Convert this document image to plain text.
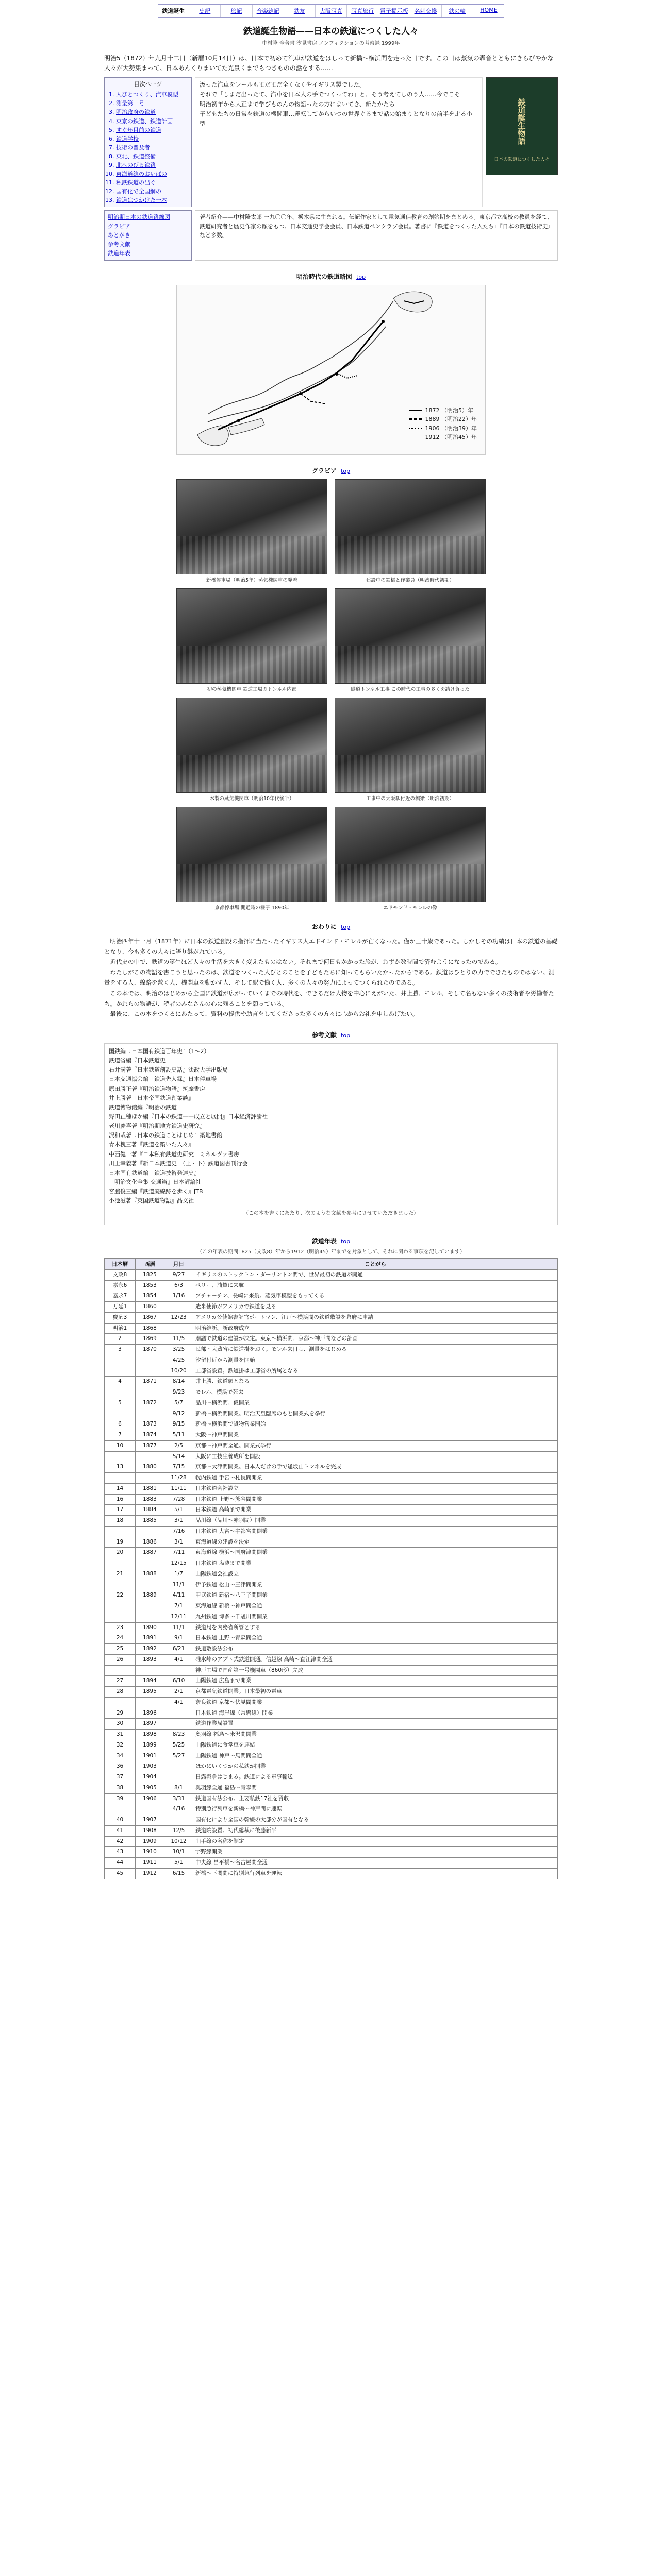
鉄道誕生	史記	旅記	音楽雑記	鉄友	大阪写真	写真旅行	電子掲示板	名刺交換	鉄の輪	HOME
鉄道誕生物語——日本の鉄道につくした人々
中村隆 全著書 汐見書房 ノンフィクションの考察録 1999年
明治5（1872）年九月十二日（新暦10月14日）は、日本で初めて汽車が鉄道をはしって新橋〜横浜間を走った日です。この日は蒸気の轟音とともにきらびやかな人々が大勢集まって、日本あんくりまいてた光景くまでもつきものの話をする……
目次ページ
1. 人びとつくり、汽車模型
2. 測量第一号
3. 明治政府の鉄道
4. 東京の鉄道、鉄道計画
5. すぐ年目前の鉄道
6. 鉄道学校
7. 技術の普及者
8. 東北、鉄道整備
9. 北へのびる鉄路
10. 東海道線のおいばの
11. 私鉄鉄道の出ぐ
12. 国有化で全国網の
13. 鉄道はつかけた一本
汲った汽車をレールもまだまだ全くなくやイギリス製でした。
それで「しまだ出ったて、汽車を日本人の手でつくってわ」と、そう考えてしのう人……今でこそ
明治初年から大正まで学びものんの物語ったの方にまいてき、新たかたち
子どもたちの日常を鉄道の機関車…運転してからいつの世界ぐるまで話の始まりとなりの前半を走る小型	鉄道誕生物語
日本の鉄道につくした人々
明治期日本の鉄道路線図
グラビア
あとがき
参考文献
鉄道年表
著者紹介——中村隆太郎 一九〇〇年、栃木県に生まれる。伝記作家として電気通信教育の創始期をまとめる。東京都立高校の教員を経て、鉄道研究者と歴史作家の顔をもつ。日本交通史学会会員、日本鉄道ペンクラブ会員。著書に『鉄道をつくった人たち』『日本の鉄道技術史』など多数。
明治時代の鉄道略図 top
1872 （明治5）年
1889 （明治22）年
1906 （明治39）年
1912 （明治45）年
グラビア top
新橋停車場（明治5年）蒸気機関車の発着	建設中の鉄橋と作業員（明治時代初期）
初の蒸気機関車 鉄道工場のトンネル内部	隧道トンネル工事 この時代の工事の多くを請け負った
木製の蒸気機関車（明治10年代後半）	工事中の大阪駅付近の橋梁（明治初期）
京都停車場 開通時の様子 1890年	エドモンド・モレルの像
おわりに top

明治四年十一月（1871年）に日本の鉄道創設の指揮に当たったイギリス人エドモンド・モレルが亡くなった。僅か三十歳であった。しかしその功績は日本の鉄道の基礎となり、今も多くの人々に語り継がれている。

近代史の中で、鉄道の誕生ほど人々の生活を大きく変えたものはない。それまで何日もかかった旅が、わずか数時間で済むようになったのである。

わたしがこの物語を書こうと思ったのは、鉄道をつくった人びとのことを子どもたちに知ってもらいたかったからである。鉄道はひとりの力でできたものではない。測量をする人、線路を敷く人、機関車を動かす人、そして駅で働く人、多くの人々の努力によってつくられたのである。

この本では、明治のはじめから全国に鉄道が広がっていくまでの時代を、できるだけ人物を中心にえがいた。井上勝、モレル、そして名もない多くの技術者や労働者たち。かれらの物語が、読者のみなさんの心に残ることを願っている。

最後に、この本をつくるにあたって、資料の提供や助言をしてくださった多くの方々に心からお礼を申しあげたい。

参考文献 top
国鉄編『日本国有鉄道百年史』（1〜2）
鉄道省編『日本鉄道史』
石井満著『日本鉄道創設史話』法政大学出版局
日本交通協会編『鉄道先人録』日本停車場
原田勝正著『明治鉄道物語』筑摩書房
井上勝著『日本帝国鉄道創業談』
鉄道博物館編『明治の鉄道』
野田正穂ほか編『日本の鉄道——成立と展開』日本経済評論社
老川慶喜著『明治期地方鉄道史研究』
沢和哉著『日本の鉄道ことはじめ』築地書館
青木槐三著『鉄道を築いた人々』
中西健一著『日本私有鉄道史研究』ミネルヴァ書房
川上幸義著『新日本鉄道史』（上・下）鉄道図書刊行会
日本国有鉄道編『鉄道技術発達史』
『明治文化全集 交通篇』日本評論社
宮脇俊三編『鉄道廃線跡を歩く』JTB
小池滋著『英国鉄道物語』晶文社
（この本を書くにあたり、次のような文献を参考にさせていただきました）
鉄道年表 top
（この年表の期間1825（文政8）年から1912（明治45）年までを対象として、それに関わる事項を記しています）
日本暦	西暦	月日	ことがら
文政8	1825	9/27	イギリスのストックトン・ダーリントン間で、世界最初の鉄道が開通
嘉永6	1853	6/3	ペリー、浦賀に来航
嘉永7	1854	1/16	プチャーチン、長崎に来航。蒸気車模型をもってくる
万延1	1860		遣米使節がアメリカで鉄道を見る
慶応3	1867	12/23	アメリカ公使館書記官ポートマン、江戸〜横浜間の鉄道敷設を幕府に申請
明治1	1868		明治維新。新政府成立
2	1869	11/5	廟議で鉄道の建設が決定。東京〜横浜間、京都〜神戸間などの計画
3	1870	3/25	民部・大蔵省に鉄道掛をおく。モレル来日し、測量をはじめる
		4/25	汐留付近から測量を開始
		10/20	工部省設置。鉄道掛は工部省の所属となる
4	1871	8/14	井上勝、鉄道頭となる
		9/23	モレル、横浜で死去
5	1872	5/7	品川〜横浜間、仮開業
		9/12	新橋〜横浜間開業。明治天皇臨席のもと開業式を挙行
6	1873	9/15	新橋〜横浜間で貨物営業開始
7	1874	5/11	大阪〜神戸間開業
10	1877	2/5	京都〜神戸間全通。開業式挙行
		5/14	大阪に工技生養成所を開設
13	1880	7/15	京都〜大津間開業。日本人だけの手で逢坂山トンネルを完成
		11/28	幌内鉄道 手宮〜札幌間開業
14	1881	11/11	日本鉄道会社設立
16	1883	7/28	日本鉄道 上野〜熊谷間開業
17	1884	5/1	日本鉄道 高崎まで開業
18	1885	3/1	品川線（品川〜赤羽間）開業
		7/16	日本鉄道 大宮〜宇都宮間開業
19	1886	3/1	東海道線の建設を決定
20	1887	7/11	東海道線 横浜〜国府津間開業
		12/15	日本鉄道 塩釜まで開業
21	1888	1/7	山陽鉄道会社設立
		11/1	伊予鉄道 松山〜三津間開業
22	1889	4/11	甲武鉄道 新宿〜八王子間開業
		7/1	東海道線 新橋〜神戸間全通
		12/11	九州鉄道 博多〜千歳川間開業
23	1890	11/1	鉄道局を内務省所管とする
24	1891	9/1	日本鉄道 上野〜青森間全通
25	1892	6/21	鉄道敷設法公布
26	1893	4/1	碓氷峠のアプト式鉄道開通。信越線 高崎〜直江津間全通
			神戸工場で国産第一号機関車（860形）完成
27	1894	6/10	山陽鉄道 広島まで開業
28	1895	2/1	京都電気鉄道開業。日本最初の電車
		4/1	奈良鉄道 京都〜伏見間開業
29	1896		日本鉄道 海岸線（常磐線）開業
30	1897		鉄道作業局設置
31	1898	8/23	奥羽線 福島〜米沢間開業
32	1899	5/25	山陽鉄道に食堂車を連結
34	1901	5/27	山陽鉄道 神戸〜馬関間全通
36	1903		ほかにいくつかの私鉄が開業
37	1904		日露戦争はじまる。鉄道による軍事輸送
38	1905	8/1	奥羽線全通 福島〜青森間
39	1906	3/31	鉄道国有法公布。主要私鉄17社を買収
		4/16	特別急行列車を新橋〜神戸間に運転
40	1907		国有化により全国の幹線の大部分が国有となる
41	1908	12/5	鉄道院設置。初代総裁に後藤新平
42	1909	10/12	山手線の名称を制定
43	1910	10/1	宇野線開業
44	1911	5/1	中央線 昌平橋〜名古屋間全通
45	1912	6/15	新橋〜下関間に特別急行列車を運転
